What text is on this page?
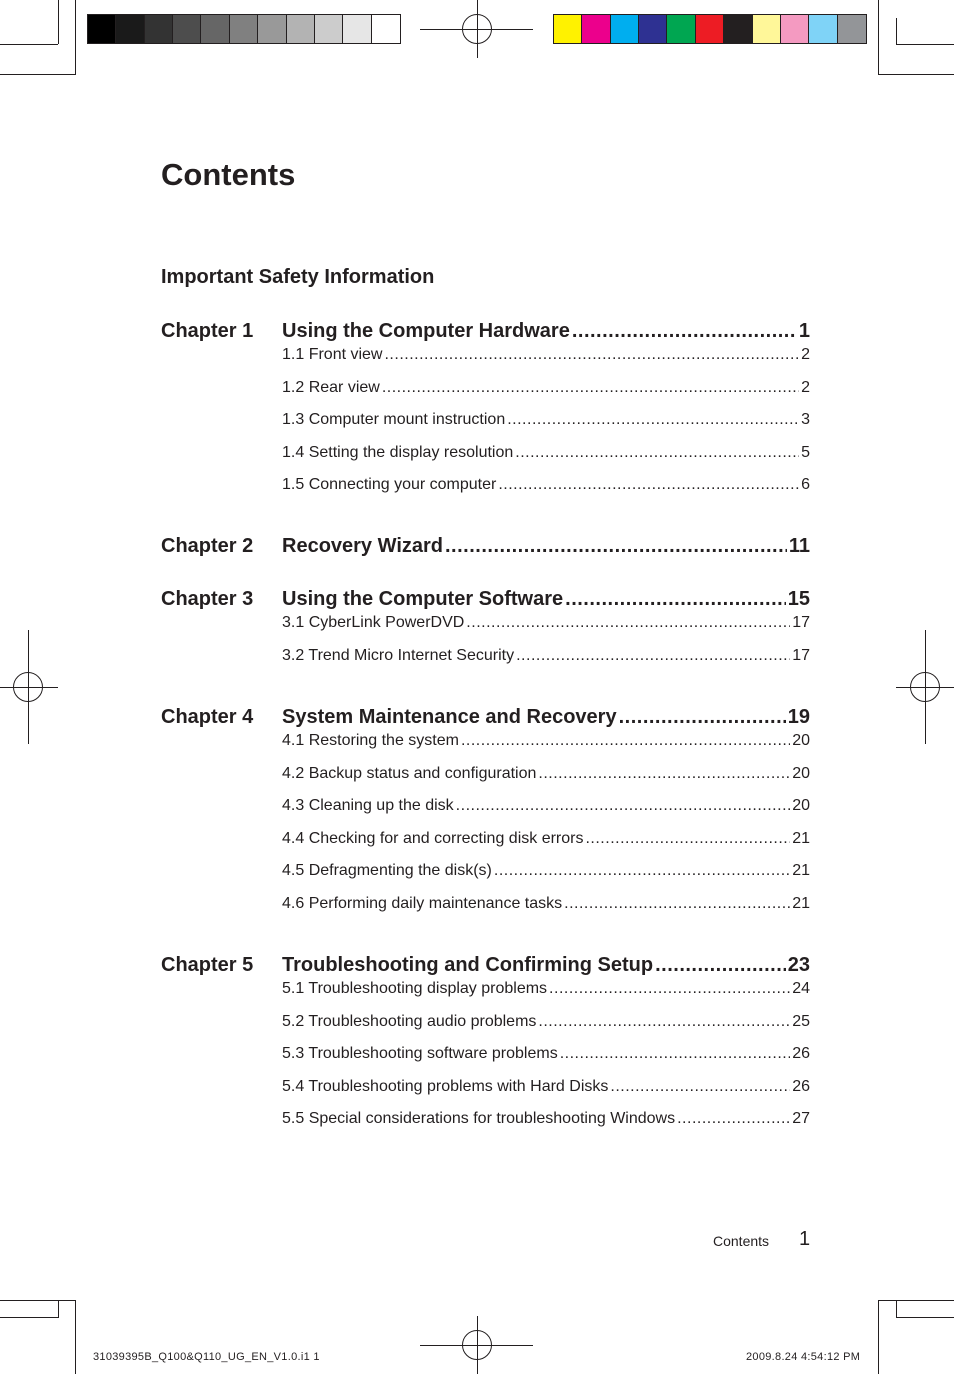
Contents
Important Safety Information
Chapter 1 Using the Computer Hardware .....	1
1.1 Front view .....	2
1.2 Rear view .....	2
1.3 Computer mount instruction .....	3
1.4 Setting the display resolution .....	5
1.5 Connecting your computer .....	6
Chapter 2 Recovery Wizard .....	11
Chapter 3 Using the Computer Software .....	15
3.1 CyberLink PowerDVD .....	17
3.2 Trend Micro Internet Security .....	17
Chapter 4 System Maintenance and Recovery .....	19
4.1 Restoring the system .....	20
4.2 Backup status and configuration .....	20
4.3 Cleaning up the disk .....	20
4.4 Checking for and correcting disk errors .....	21
4.5 Defragmenting the disk(s) .....	21
4.6 Performing daily maintenance tasks .....	21
Chapter 5 Troubleshooting and Confirming Setup .....	23
5.1 Troubleshooting display problems .....	24
5.2 Troubleshooting audio problems .....	25
5.3 Troubleshooting software problems .....	26
5.4 Troubleshooting problems with Hard Disks .....	26
5.5 Special considerations for troubleshooting Windows .....	27
Contents 1
31039395B_Q100&Q110_UG_EN_V1.0.i1 1	2009.8.24 4:54:12 PM
